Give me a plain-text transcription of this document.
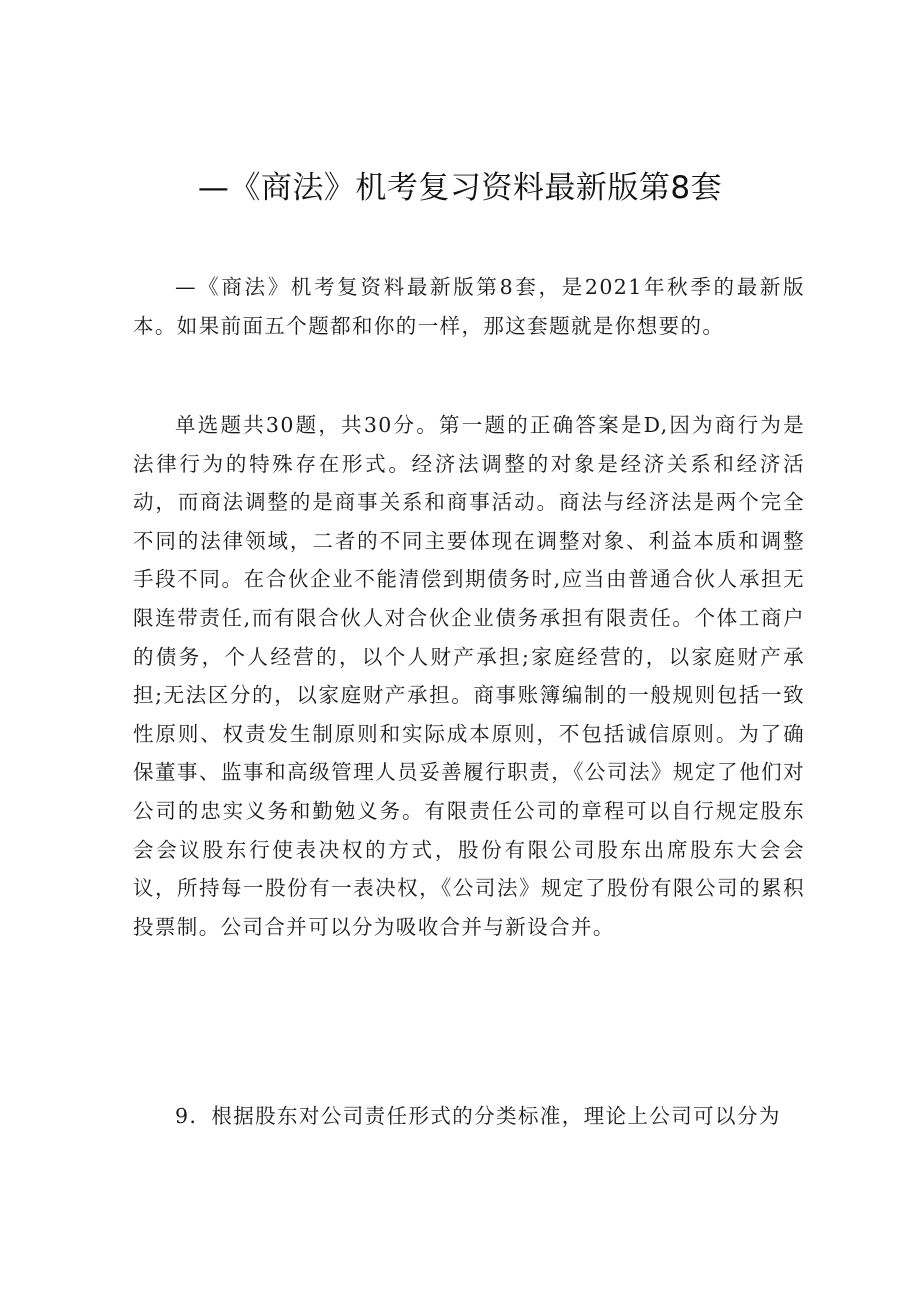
—《商法》机考复习资料最新版第8套

—《商法》机考复资料最新版第8套，是2021年秋季的最新版本。如果前面五个题都和你的一样，那这套题就是你想要的。

单选题共30题，共30分。第一题的正确答案是D,因为商行为是法律行为的特殊存在形式。经济法调整的对象是经济关系和经济活动，而商法调整的是商事关系和商事活动。商法与经济法是两个完全不同的法律领域，二者的不同主要体现在调整对象、利益本质和调整手段不同。在合伙企业不能清偿到期债务时,应当由普通合伙人承担无限连带责任,而有限合伙人对合伙企业债务承担有限责任。个体工商户的债务，个人经营的，以个人财产承担;家庭经营的，以家庭财产承担;无法区分的，以家庭财产承担。商事账簿编制的一般规则包括一致性原则、权责发生制原则和实际成本原则，不包括诚信原则。为了确保董事、监事和高级管理人员妥善履行职责，《公司法》规定了他们对公司的忠实义务和勤勉义务。有限责任公司的章程可以自行规定股东会会议股东行使表决权的方式，股份有限公司股东出席股东大会会议，所持每一股份有一表决权，《公司法》规定了股份有限公司的累积投票制。公司合并可以分为吸收合并与新设合并。

9．根据股东对公司责任形式的分类标准，理论上公司可以分为
